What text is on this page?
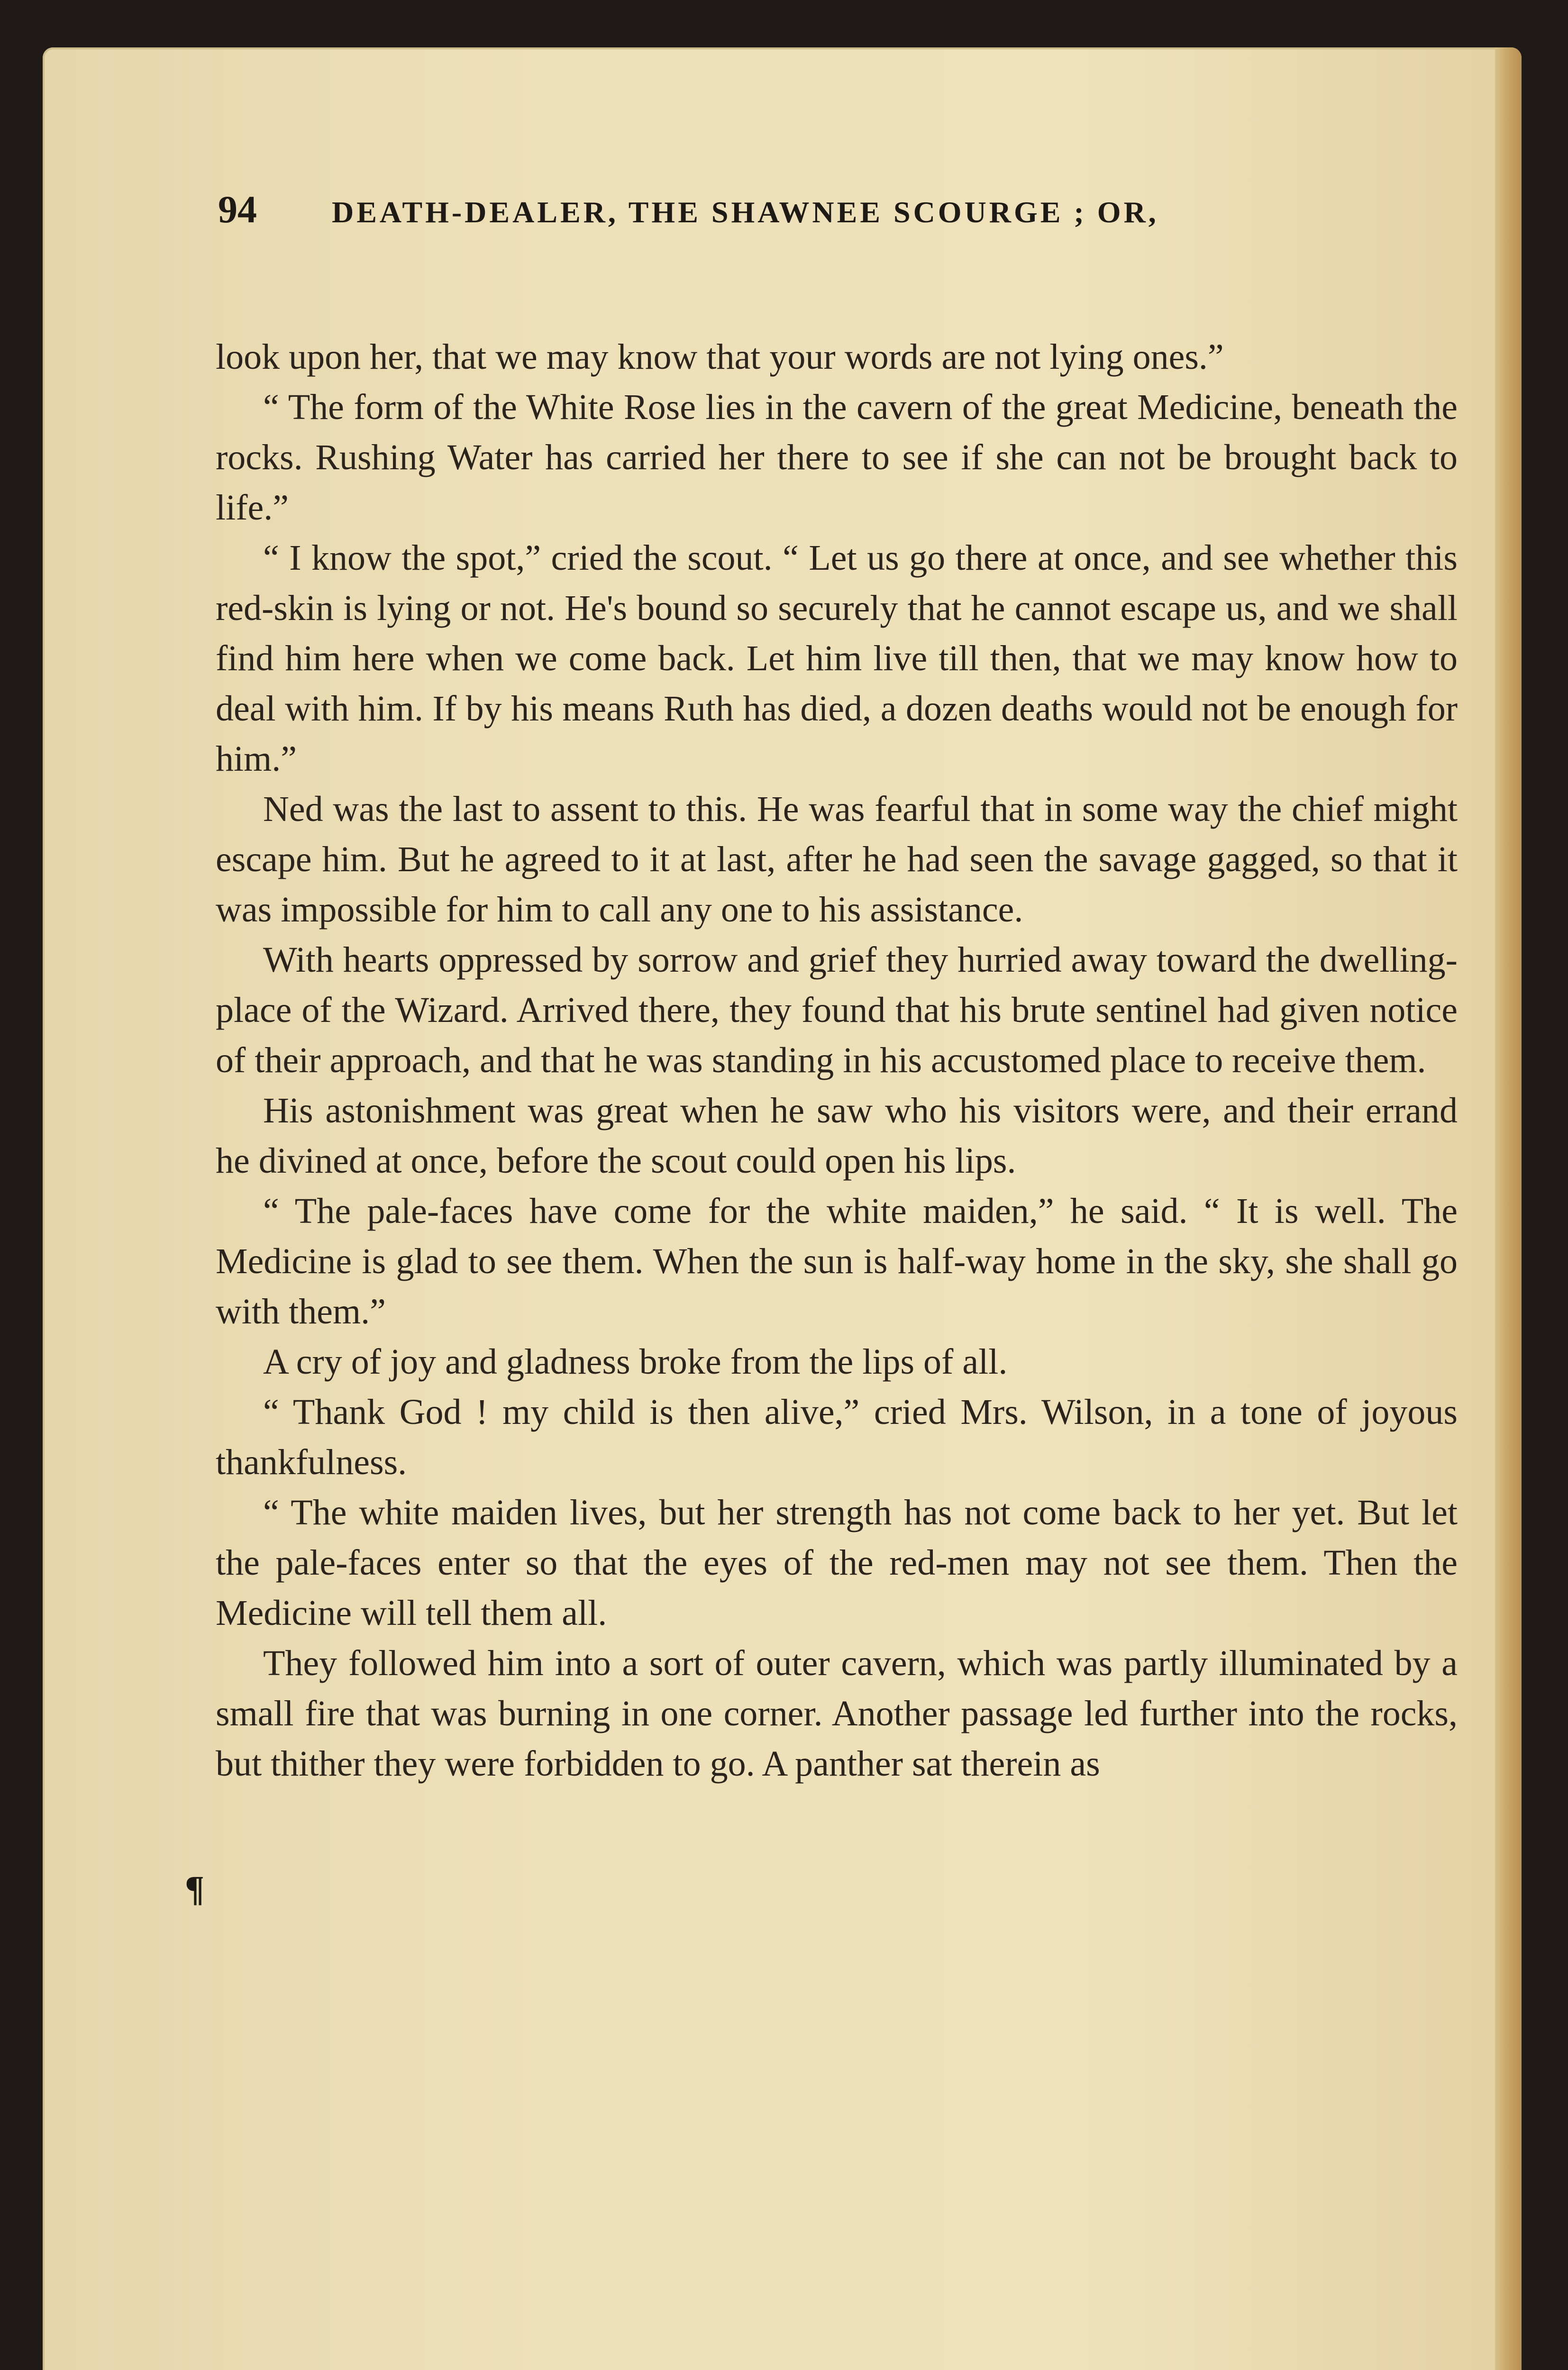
94	DEATH-DEALER, THE SHAWNEE SCOURGE ; OR,

look upon her, that we may know that your words are not lying ones.”

“ The form of the White Rose lies in the cavern of the great Medicine, beneath the rocks. Rushing Water has carried her there to see if she can not be brought back to life.”

“ I know the spot,” cried the scout. “ Let us go there at once, and see whether this red-skin is lying or not. He's bound so securely that he cannot escape us, and we shall find him here when we come back. Let him live till then, that we may know how to deal with him. If by his means Ruth has died, a dozen deaths would not be enough for him.”

Ned was the last to assent to this. He was fearful that in some way the chief might escape him. But he agreed to it at last, after he had seen the savage gagged, so that it was impossible for him to call any one to his assistance.

With hearts oppressed by sorrow and grief they hurried away toward the dwelling-place of the Wizard. Arrived there, they found that his brute sentinel had given notice of their approach, and that he was standing in his accustomed place to receive them.

His astonishment was great when he saw who his visitors were, and their errand he divined at once, before the scout could open his lips.

“ The pale-faces have come for the white maiden,” he said. “ It is well. The Medicine is glad to see them. When the sun is half-way home in the sky, she shall go with them.”

A cry of joy and gladness broke from the lips of all.

“ Thank God ! my child is then alive,” cried Mrs. Wilson, in a tone of joyous thankfulness.

“ The white maiden lives, but her strength has not come back to her yet. But let the pale-faces enter so that the eyes of the red-men may not see them. Then the Medicine will tell them all.

They followed him into a sort of outer cavern, which was partly illuminated by a small fire that was burning in one corner. Another passage led further into the rocks, but thither they were forbidden to go. A panther sat therein as

¶
